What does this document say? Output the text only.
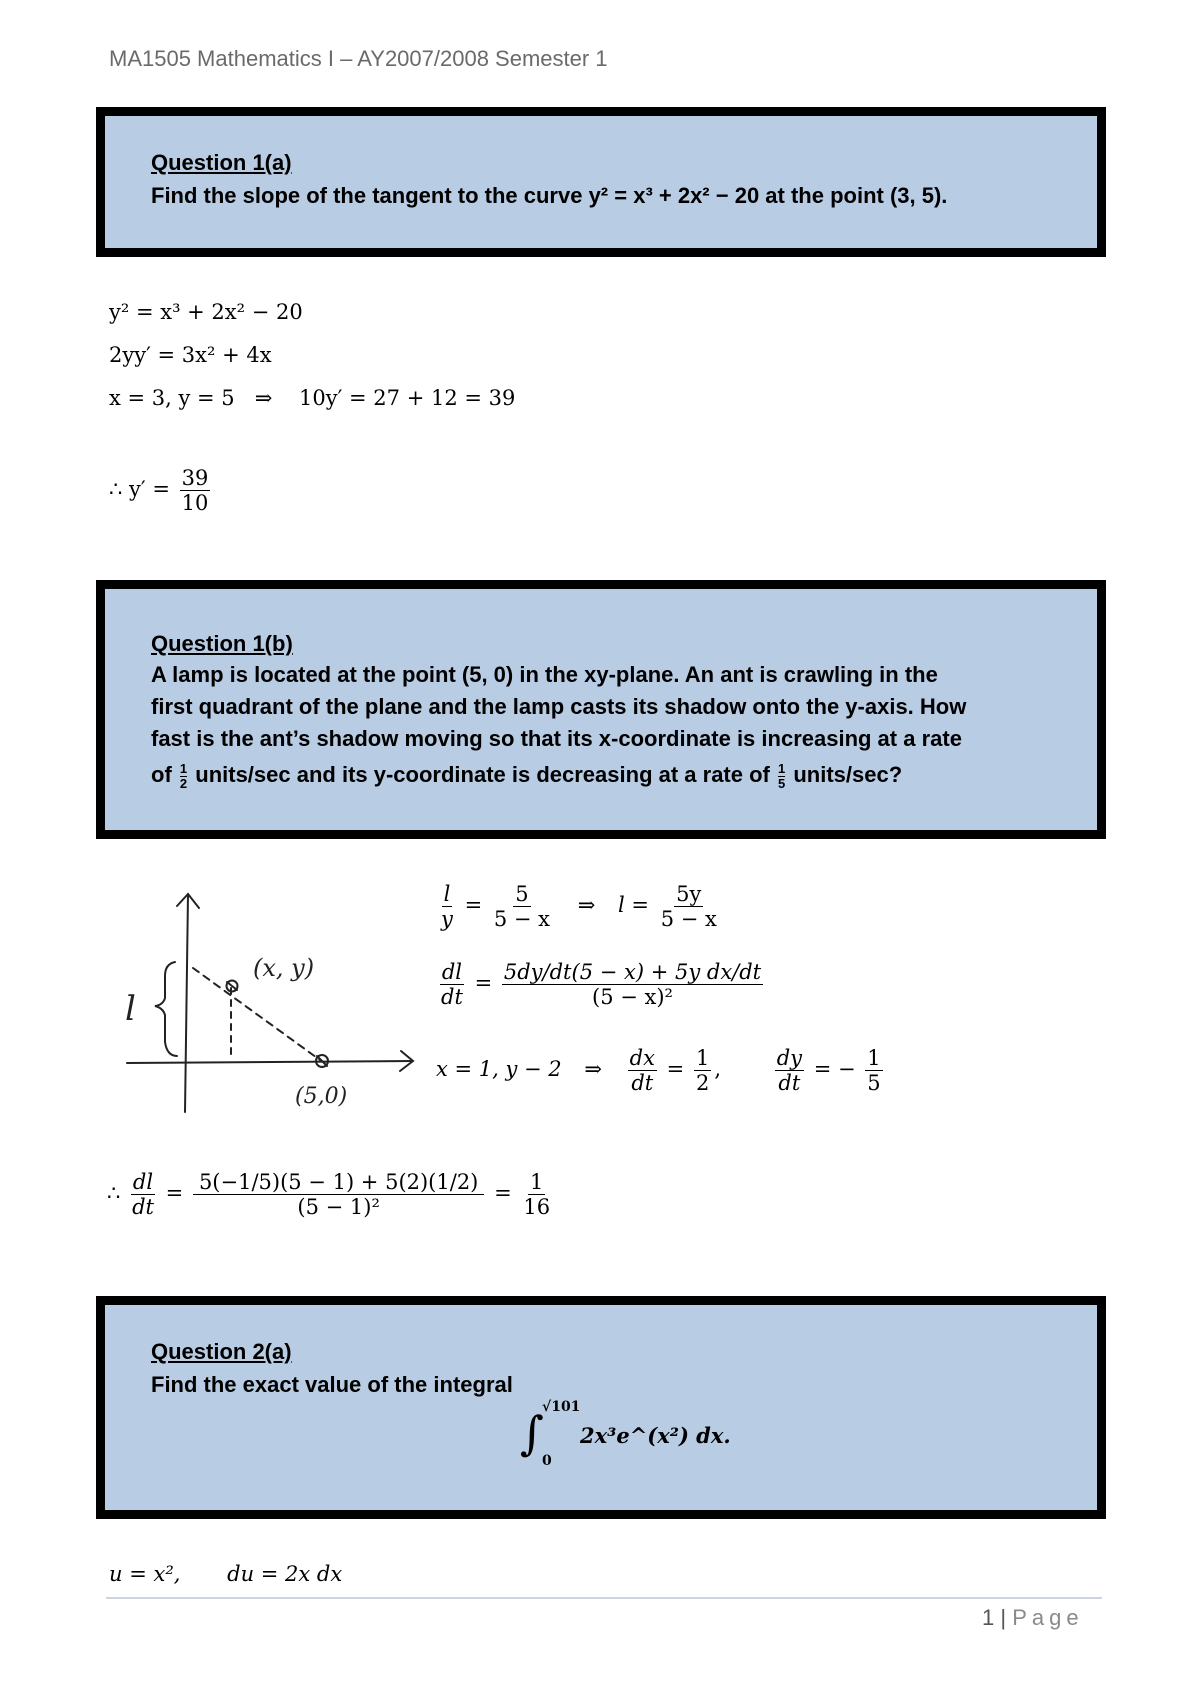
MA1505 Mathematics I – AY2007/2008 Semester 1
Question 1(a)
Find the slope of the tangent to the curve y² = x³ + 2x² − 20 at the point (3, 5).
y² = x³ + 2x² − 20
2yy′ = 3x² + 4x
x = 3, y = 5   ⇒    10y′ = 27 + 12 = 39
∴ $y' = \frac{39}{10}$
Question 1(b)
A lamp is located at the point (5, 0) in the xy-plane. An ant is crawling in the
first quadrant of the plane and the lamp casts its shadow onto the y-axis. How
fast is the ant’s shadow moving so that its x-coordinate is increasing at a rate
of $\frac{1}{2}$ units/sec and its y-coordinate is decreasing at a rate of $\frac{1}{5}$ units/sec?
(x, y)
(5,0)
l
$\frac{l}{y} = \frac{5}{5 - x}$ ⇒ $l = \frac{5y}{5 - x}$
$\frac{dl}{dt} = \frac{\text{5dy/dt(5 − x) + 5y dx/dt}}{\text{(5 − x)²}}$
x = 1, y − 2 ⇒ $\frac{dx}{dt} = \frac{1}{2}$ ,	$\frac{dy}{dt}$ = − $\frac{1}{5}$
∴ $\frac{dl}{dt} = \frac{5(-1/5)(5 - 1) + 5(2)(1/2)}{\text{(5 − 1)²}} = \frac{1}{16}$
Question 2(a)
Find the exact value of the integral
∫
√101
0
2x³e^(x²) dx.
u = x²,       du = 2x dx
1 | Page
